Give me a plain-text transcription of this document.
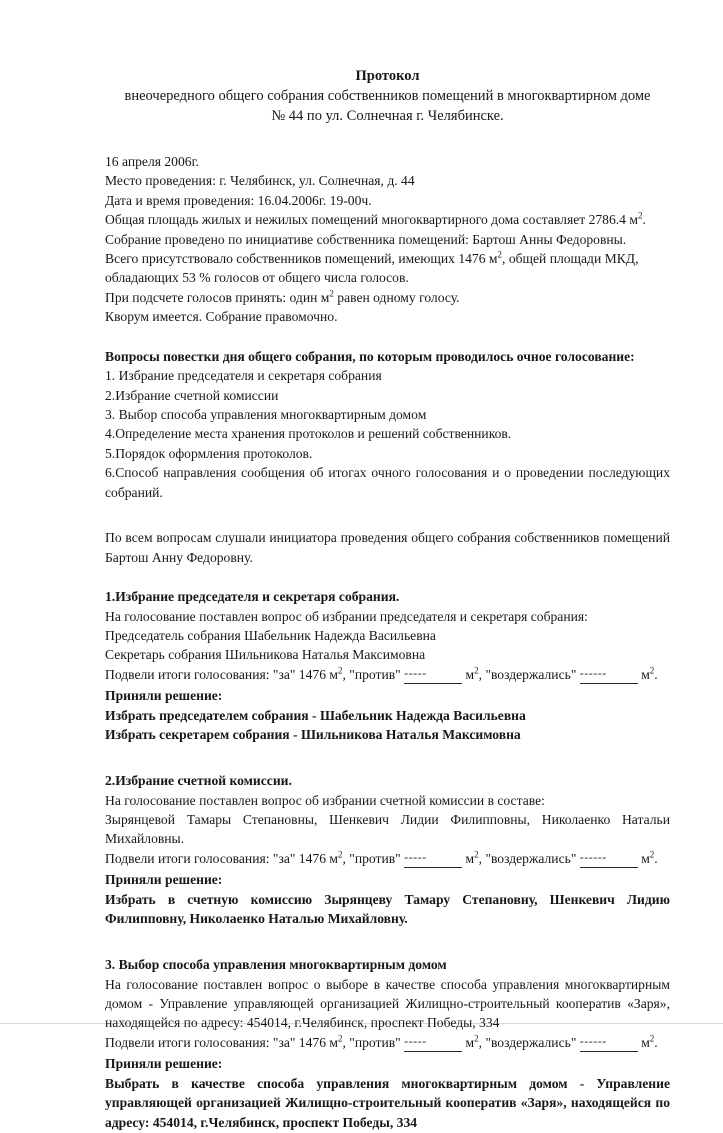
Протокол

внеочередного общего собрания собственников помещений в многоквартирном доме
№ 44 по ул. Солнечная г. Челябинске.

16 апреля 2006г.

Место проведения: г. Челябинск, ул. Солнечная, д. 44

Дата и время проведения: 16.04.2006г. 19-00ч.

Общая площадь жилых и нежилых помещений многоквартирного дома составляет 2786.4 $м^2$.

Собрание проведено по инициативе собственника помещений: Бартош Анны Федоровны.

Всего присутствовало собственников помещений, имеющих 1476 $м^2$, общей площади МКД,

обладающих 53 % голосов от общего числа голосов.

При подсчете голосов принять: один $м^2$ равен одному голосу.

Кворум имеется. Собрание правомочно.

Вопросы повестки дня общего собрания, по которым проводилось очное голосование:

1. Избрание председателя и секретаря собрания

2.Избрание счетной комиссии

3. Выбор способа управления многоквартирным домом

4.Определение места хранения протоколов и решений собственников.

5.Порядок оформления протоколов.

6.Способ направления сообщения об итогах очного голосования и о проведении последующих собраний.

По всем вопросам слушали инициатора проведения общего собрания собственников помещений Бартош Анну Федоровну.

1.Избрание председателя и секретаря собрания.

На голосование поставлен вопрос об избрании председателя и секретаря собрания:

Председатель собрания Шабельник Надежда Васильевна

Секретарь собрания Шильникова Наталья Максимовна

Подвели итоги голосования: "за" 1476 $м^2$, "против" -----	$м^2$, "воздержались" ------	$м^2$.

Приняли решение:

Избрать председателем собрания - Шабельник Надежда Васильевна

Избрать секретарем собрания - Шильникова Наталья Максимовна

2.Избрание счетной комиссии.

На голосование поставлен вопрос об избрании счетной комиссии в составе:

Зырянцевой Тамары Степановны, Шенкевич Лидии Филипповны, Николаенко Натальи Михайловны.

Подвели итоги голосования: "за" 1476 $м^2$, "против" -----	$м^2$, "воздержались" ------	$м^2$.

Приняли решение:

Избрать в счетную комиссию Зырянцеву Тамару Степановну, Шенкевич Лидию Филипповну, Николаенко Наталью Михайловну.

3. Выбор способа управления многоквартирным домом

На голосование поставлен вопрос о выборе в качестве способа управления многоквартирным домом - Управление управляющей организацией Жилищно-строительный кооператив «Заря», находящейся по адресу: 454014, г.Челябинск, проспект Победы, 334

Подвели итоги голосования: "за" 1476 $м^2$, "против" -----	$м^2$, "воздержались" ------	$м^2$.

Приняли решение:

Выбрать в качестве способа управления многоквартирным домом - Управление управляющей организацией Жилищно-строительный кооператив «Заря», находящейся по адресу: 454014, г.Челябинск, проспект Победы, 334
